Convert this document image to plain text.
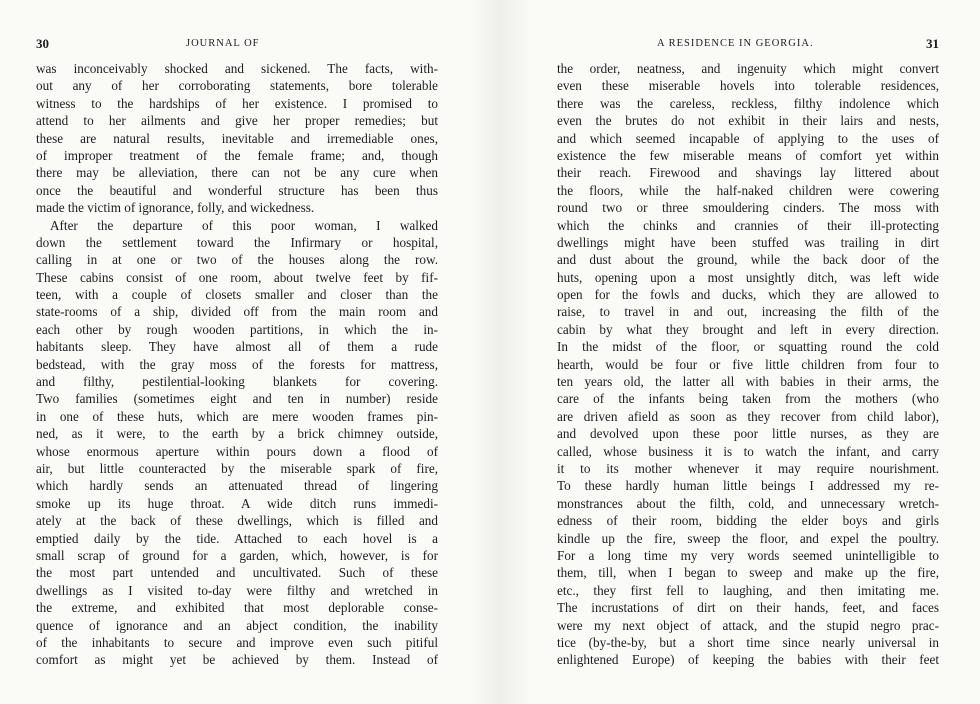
30	JOURNAL OF
was inconceivably shocked and sickened. The facts, with-
out any of her corroborating statements, bore tolerable
witness to the hardships of her existence. I promised to
attend to her ailments and give her proper remedies; but
these are natural results, inevitable and irremediable ones,
of improper treatment of the female frame; and, though
there may be alleviation, there can not be any cure when
once the beautiful and wonderful structure has been thus
made the victim of ignorance, folly, and wickedness.
After the departure of this poor woman, I walked
down the settlement toward the Infirmary or hospital,
calling in at one or two of the houses along the row.
These cabins consist of one room, about twelve feet by fif-
teen, with a couple of closets smaller and closer than the
state-rooms of a ship, divided off from the main room and
each other by rough wooden partitions, in which the in-
habitants sleep. They have almost all of them a rude
bedstead, with the gray moss of the forests for mattress,
and filthy, pestilential-looking blankets for covering.
Two families (sometimes eight and ten in number) reside
in one of these huts, which are mere wooden frames pin-
ned, as it were, to the earth by a brick chimney outside,
whose enormous aperture within pours down a flood of
air, but little counteracted by the miserable spark of fire,
which hardly sends an attenuated thread of lingering
smoke up its huge throat. A wide ditch runs immedi-
ately at the back of these dwellings, which is filled and
emptied daily by the tide. Attached to each hovel is a
small scrap of ground for a garden, which, however, is for
the most part untended and uncultivated. Such of these
dwellings as I visited to-day were filthy and wretched in
the extreme, and exhibited that most deplorable conse-
quence of ignorance and an abject condition, the inability
of the inhabitants to secure and improve even such pitiful
comfort as might yet be achieved by them. Instead of
A RESIDENCE IN GEORGIA.	31
the order, neatness, and ingenuity which might convert
even these miserable hovels into tolerable residences,
there was the careless, reckless, filthy indolence which
even the brutes do not exhibit in their lairs and nests,
and which seemed incapable of applying to the uses of
existence the few miserable means of comfort yet within
their reach. Firewood and shavings lay littered about
the floors, while the half-naked children were cowering
round two or three smouldering cinders. The moss with
which the chinks and crannies of their ill-protecting
dwellings might have been stuffed was trailing in dirt
and dust about the ground, while the back door of the
huts, opening upon a most unsightly ditch, was left wide
open for the fowls and ducks, which they are allowed to
raise, to travel in and out, increasing the filth of the
cabin by what they brought and left in every direction.
In the midst of the floor, or squatting round the cold
hearth, would be four or five little children from four to
ten years old, the latter all with babies in their arms, the
care of the infants being taken from the mothers (who
are driven afield as soon as they recover from child labor),
and devolved upon these poor little nurses, as they are
called, whose business it is to watch the infant, and carry
it to its mother whenever it may require nourishment.
To these hardly human little beings I addressed my re-
monstrances about the filth, cold, and unnecessary wretch-
edness of their room, bidding the elder boys and girls
kindle up the fire, sweep the floor, and expel the poultry.
For a long time my very words seemed unintelligible to
them, till, when I began to sweep and make up the fire,
etc., they first fell to laughing, and then imitating me.
The incrustations of dirt on their hands, feet, and faces
were my next object of attack, and the stupid negro prac-
tice (by-the-by, but a short time since nearly universal in
enlightened Europe) of keeping the babies with their feet
